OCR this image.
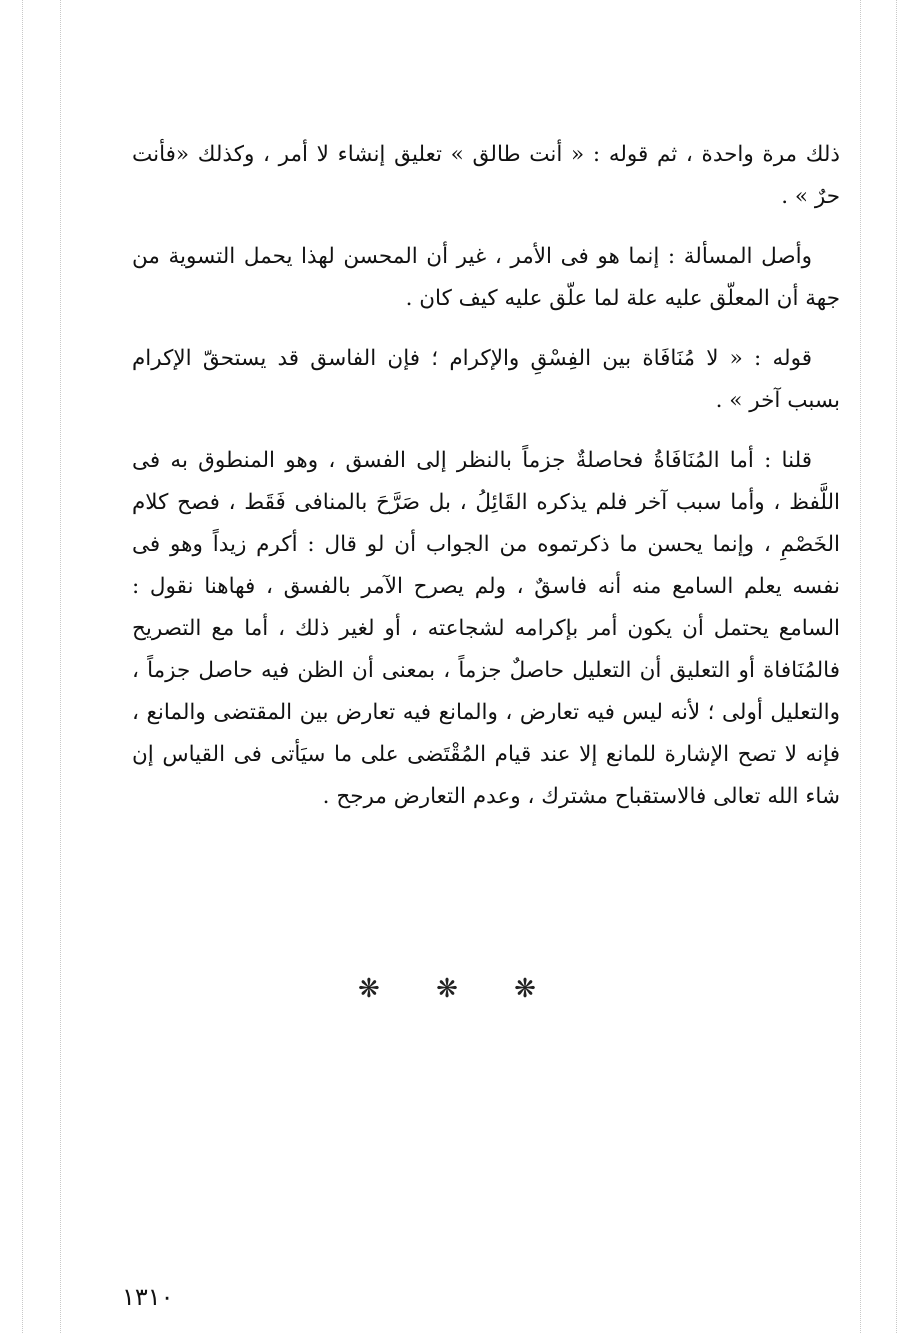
ذلك مرة واحدة ، ثم قوله : « أنت طالق » تعليق إنشاء لا أمر ، وكذلك «فأنت حرٌ » .

وأصل المسألة : إنما هو فى الأمر ، غير أن المحسن لهذا يحمل التسوية من جهة أن المعلّق عليه علة لما علّق عليه كيف كان .

قوله : « لا مُنَافَاة بين الفِسْقِ والإكرام ؛ فإن الفاسق قد يستحقّ الإكرام بسبب آخر » .

قلنا : أما المُنَافَاةُ فحاصلةٌ جزماً بالنظر إلى الفسق ، وهو المنطوق به فى اللَّفظ ، وأما سبب آخر فلم يذكره القَائِلُ ، بل صَرَّحَ بالمنافى فَقَط ، فصح كلام الخَصْمِ ، وإنما يحسن ما ذكرتموه من الجواب أن لو قال : أكرم زيداً وهو فى نفسه يعلم السامع منه أنه فاسقٌ ، ولم يصرح الآمر بالفسق ، فهاهنا نقول : السامع يحتمل أن يكون أمر بإكرامه لشجاعته ، أو لغير ذلك ، أما مع التصريح فالمُنَافاة أو التعليق أن التعليل حاصلٌ جزماً ، بمعنى أن الظن فيه حاصل جزماً ، والتعليل أولى ؛ لأنه ليس فيه تعارض ، والمانع فيه تعارض بين المقتضى والمانع ، فإنه لا تصح الإشارة للمانع إلا عند قيام المُقْتَضى على ما سيَأتى فى القياس إن شاء الله تعالى فالاستقباح مشترك ، وعدم التعارض مرجح .

❋ ❋ ❋
١٣١٠
